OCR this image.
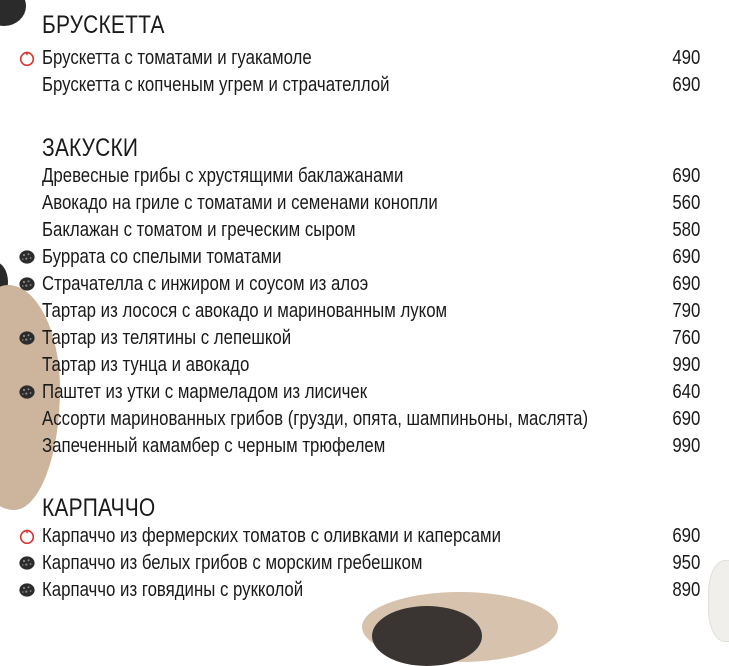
БРУСКЕТТА
Брускетта с томатами и гуакамоле	490
Брускетта с копченым угрем и страчателлой	690
ЗАКУСКИ
Древесные грибы с хрустящими баклажанами	690
Авокадо на гриле с томатами и семенами конопли	560
Баклажан с томатом и греческим сыром	580
Буррата со спелыми томатами	690
Страчателла с инжиром и соусом из алоэ	690
Тартар из лосося с авокадо и маринованным луком	790
Тартар из телятины с лепешкой	760
Тартар из тунца и авокадо	990
Паштет из утки с мармеладом из лисичек	640
Ассорти маринованных грибов (грузди, опята, шампиньоны, маслята)	690
Запеченный камамбер с черным трюфелем	990
КАРПАЧЧО
Карпаччо из фермерских томатов с оливками и каперсами	690
Карпаччо из белых грибов с морским гребешком	950
Карпаччо из говядины с рукколой	890
